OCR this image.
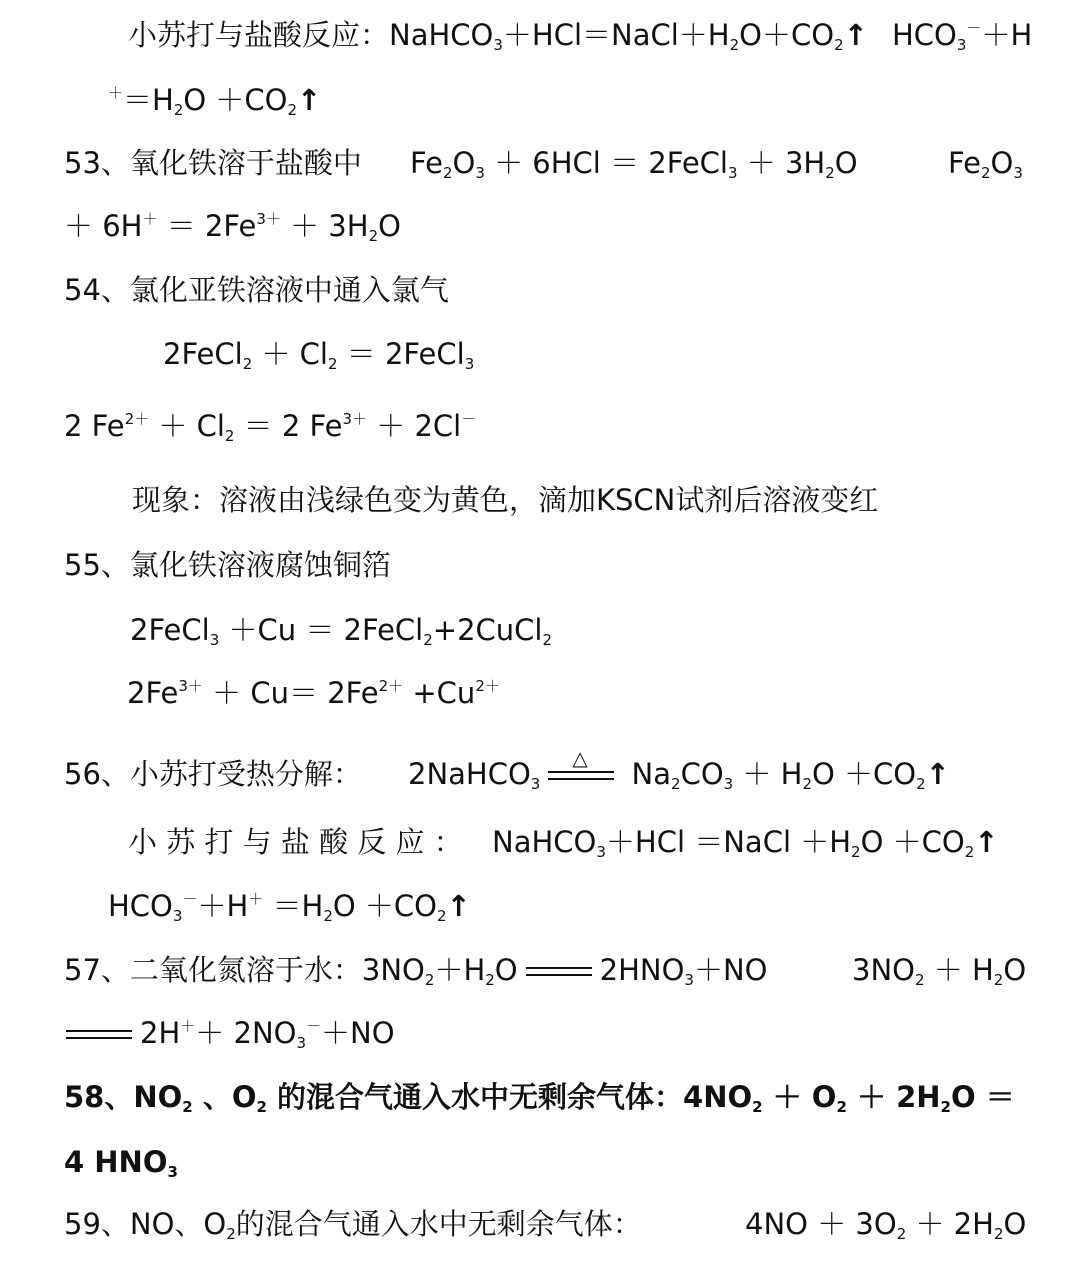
小苏打与盐酸反应：$NaHCO_3+HCl=NaCl+H_2O+CO_2↑$ $HCO_3^-+H$
$^+=H_2O$ $+CO_2↑$
53、氧化铁溶于盐酸中 $Fe_2O_3 + 6HCl$ ＝ 2FeCl$_3$ ＋ $3H_2O$	$Fe_2O_3$
＋ $6H^+ = 2Fe^{3+} + 3H_2O$
54、氯化亚铁溶液中通入氯气
2FeCl$_2$ ＋ $Cl_2$ ＝ 2FeCl$_3$
2 $Fe^{2+} + Cl_2 = 2$ $Fe^{3+} + 2Cl^-$
现象：溶液由浅绿色变为黄色，滴加KSCN试剂后溶液变红
55、氯化铁溶液腐蚀铜箔
2FeCl$_3$ ＋Cu ＝ 2FeCl$_2$+2CuCl$_2$
$2Fe^{3+} + Cu= 2Fe^{2+} +Cu^{2+}$
56、小苏打受热分解： 2NaHCO$_3$
△ $Na_2CO_3 + H_2O$ $+CO_2↑$
小 苏 打 与 盐 酸 反 应 ： NaHCO$_3$＋HCl ＝NaCl $+H_2O$ $+CO_2↑$
$HCO_3^-+H^+ =H_2O$ $+CO_2↑$
57、二氧化氮溶于水：$3NO_2+H_2O$	$2HNO_3+NO$	$3NO_2 + H_2O$
$2H^++ 2NO_3^-+NO$
58、$NO_2$ 、$O_2$ 的混合气通入水中无剩余气体：$4NO_2 + O_2 + 2H_2O$ ＝
4 $HNO_3$
59、NO、$O_2$的混合气通入水中无剩余气体：	$4NO + 3O_2 + 2H_2O$
